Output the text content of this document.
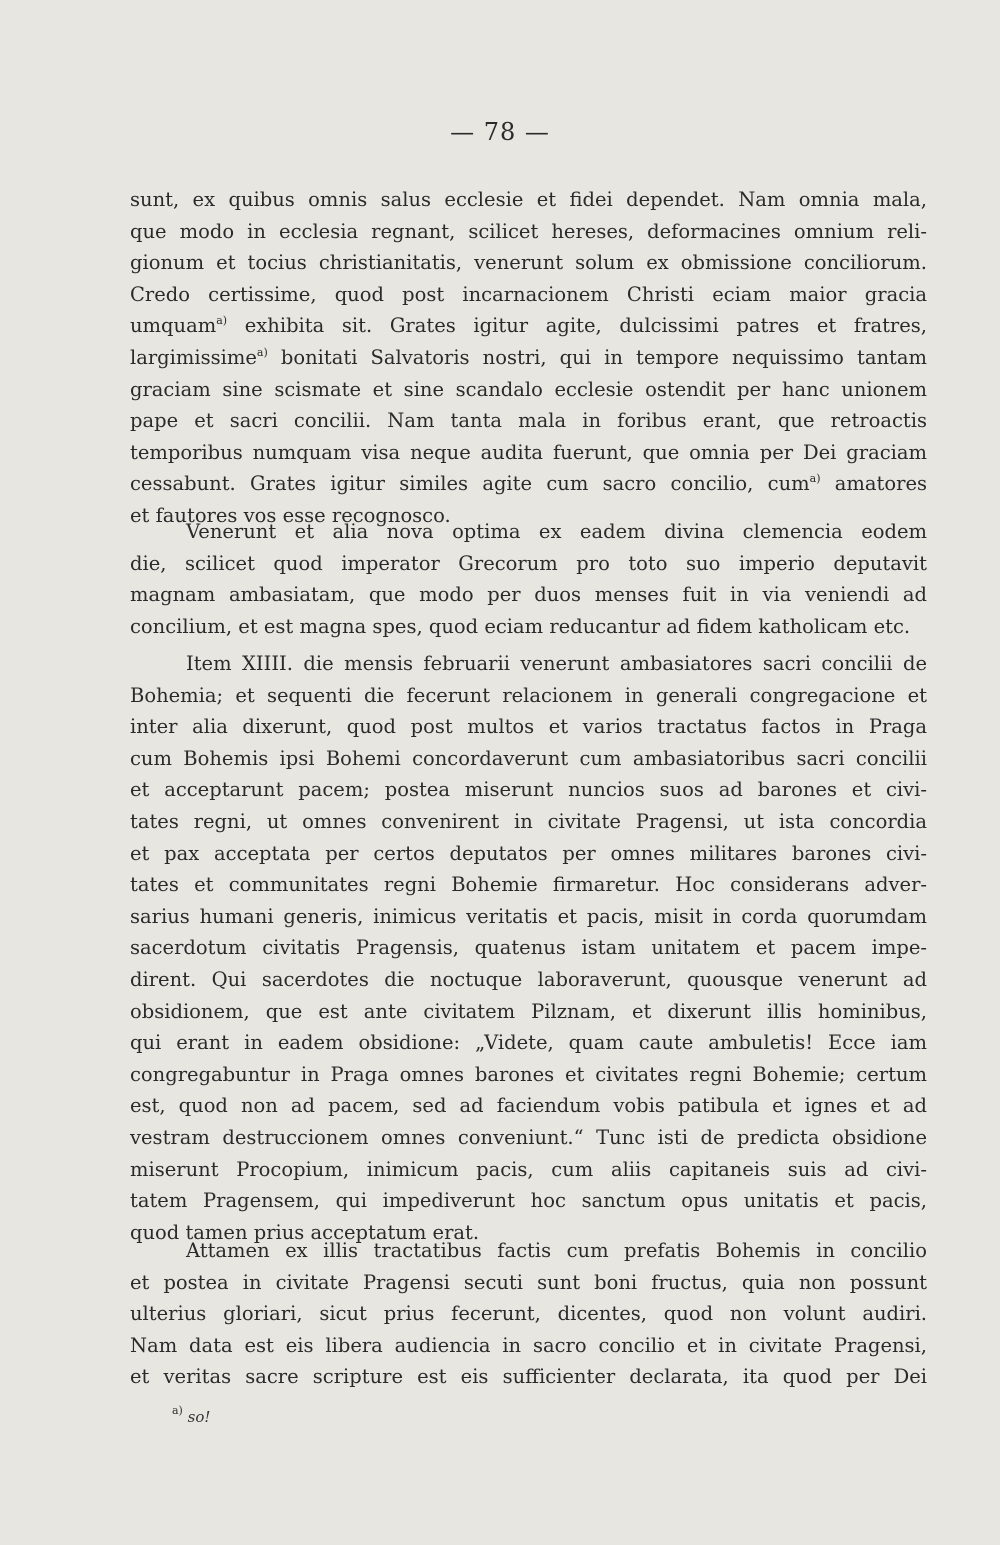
— 78 —
sunt, ex quibus omnis salus ecclesie et fidei dependet. Nam omnia mala,
que modo in ecclesia regnant, scilicet hereses, deformacines omnium reli-
gionum et tocius christianitatis, venerunt solum ex obmissione conciliorum.
Credo certissime, quod post incarnacionem Christi eciam maior gracia
umquam$^{a)}$ exhibita sit. Grates igitur agite, dulcissimi patres et fratres,
largimissime$^{a)}$ bonitati Salvatoris nostri, qui in tempore nequissimo tantam
graciam sine scismate et sine scandalo ecclesie ostendit per hanc unionem
pape et sacri concilii. Nam tanta mala in foribus erant, que retroactis
temporibus numquam visa neque audita fuerunt, que omnia per Dei graciam
cessabunt. Grates igitur similes agite cum sacro concilio, cum$^{a)}$ amatores
et fautores vos esse recognosco.
Venerunt et alia nova optima ex eadem divina clemencia eodem
die, scilicet quod imperator Grecorum pro toto suo imperio deputavit
magnam ambasiatam, que modo per duos menses fuit in via veniendi ad
concilium, et est magna spes, quod eciam reducantur ad fidem katholicam etc.
Item XIIII. die mensis februarii venerunt ambasiatores sacri concilii de
Bohemia; et sequenti die fecerunt relacionem in generali congregacione et
inter alia dixerunt, quod post multos et varios tractatus factos in Praga
cum Bohemis ipsi Bohemi concordaverunt cum ambasiatoribus sacri concilii
et acceptarunt pacem; postea miserunt nuncios suos ad barones et civi-
tates regni, ut omnes convenirent in civitate Pragensi, ut ista concordia
et pax acceptata per certos deputatos per omnes militares barones civi-
tates et communitates regni Bohemie firmaretur. Hoc considerans adver-
sarius humani generis, inimicus veritatis et pacis, misit in corda quorumdam
sacerdotum civitatis Pragensis, quatenus istam unitatem et pacem impe-
dirent. Qui sacerdotes die noctuque laboraverunt, quousque venerunt ad
obsidionem, que est ante civitatem Pilznam, et dixerunt illis hominibus,
qui erant in eadem obsidione: „Videte, quam caute ambuletis! Ecce iam
congregabuntur in Praga omnes barones et civitates regni Bohemie; certum
est, quod non ad pacem, sed ad faciendum vobis patibula et ignes et ad
vestram destruccionem omnes conveniunt.“ Tunc isti de predicta obsidione
miserunt Procopium, inimicum pacis, cum aliis capitaneis suis ad civi-
tatem Pragensem, qui impediverunt hoc sanctum opus unitatis et pacis,
quod tamen prius acceptatum erat.
Attamen ex illis tractatibus factis cum prefatis Bohemis in concilio
et postea in civitate Pragensi secuti sunt boni fructus, quia non possunt
ulterius gloriari, sicut prius fecerunt, dicentes, quod non volunt audiri.
Nam data est eis libera audiencia in sacro concilio et in civitate Pragensi,
et veritas sacre scripture est eis sufficienter declarata, ita quod per Dei
$^{a)}$ so!
